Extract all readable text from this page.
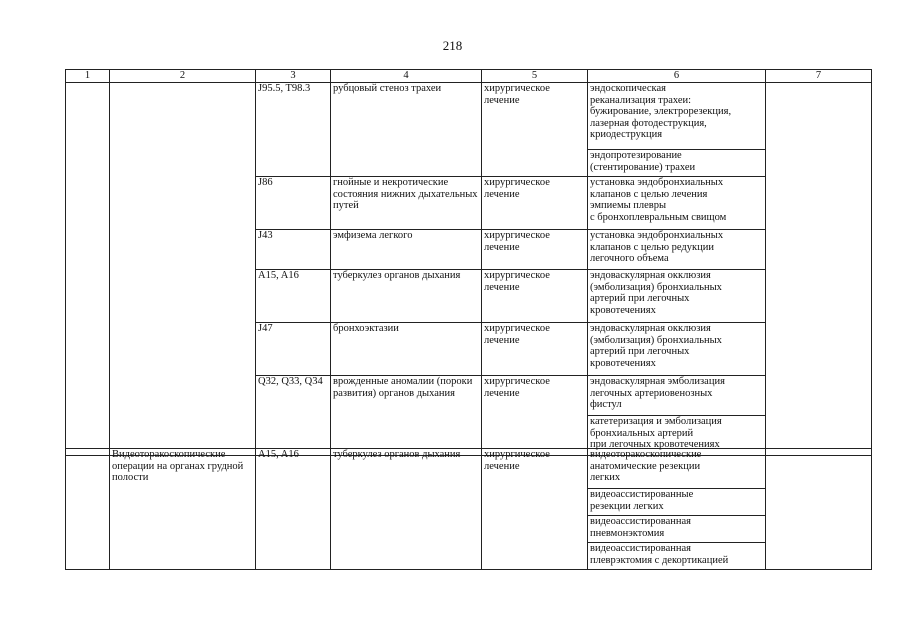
218
1	2	3	4	5	6	7
		J95.5, T98.3	рубцовый стеноз трахеи	хирургическое лечение	эндоскопическая
реканализация трахеи:
бужирование, электрорезекция,
лазерная фотодеструкция,
криодеструкция	

					эндопротезирование
(стентирование) трахеи	

		J86	гнойные и некротические состояния нижних дыхательных путей	хирургическое лечение	установка эндобронхиальных
клапанов с целью лечения
эмпиемы плевры
с бронхоплевральным свищом	

		J43	эмфизема легкого	хирургическое лечение	установка эндобронхиальных
клапанов с целью редукции
легочного объема	

		A15, A16	туберкулез органов дыхания	хирургическое лечение	эндоваскулярная окклюзия
(эмболизация) бронхиальных
артерий при легочных
кровотечениях	

		J47	бронхоэктазии	хирургическое лечение	эндоваскулярная окклюзия
(эмболизация) бронхиальных
артерий при легочных
кровотечениях	

		Q32, Q33, Q34	врожденные аномалии (пороки развития) органов дыхания	хирургическое лечение	эндоваскулярная эмболизация
легочных артериовенозных
фистул	

					катетеризация и эмболизация
бронхиальных артерий
при легочных кровотечениях	
	Видеоторакоскопические операции на органах грудной полости	A15, A16	туберкулез органов дыхания	хирургическое лечение	
видеоторакоскопические
анатомические резекции
легких

видеоассистированные
резекции легких

видеоассистированная
пневмонэктомия

видеоассистированная
плеврэктомия с декортикацией
